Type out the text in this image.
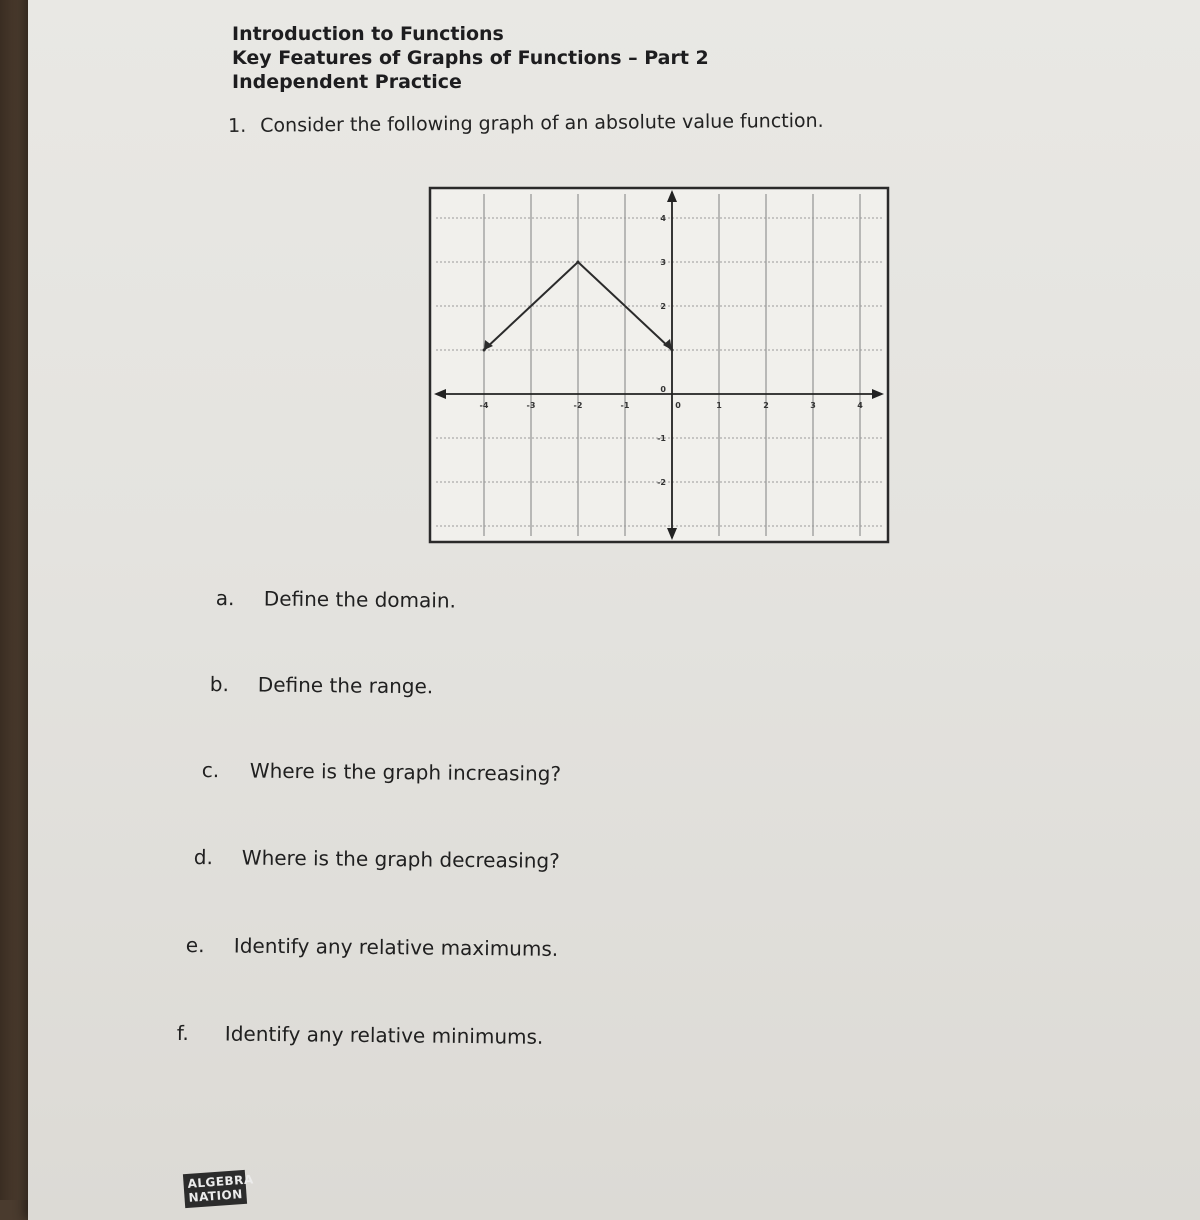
Introduction to Functions
Key Features of Graphs of Functions – Part 2
Independent Practice
1. Consider the following graph of an absolute value function.
-4	-3	-2	-1	0	1	2	3	4
4
3
2
0
-1
-2
a. Define the domain.
b. Define the range.
c. Where is the graph increasing?
d. Where is the graph decreasing?
e. Identify any relative maximums.
f. Identify any relative minimums.
ALGEBRA NATION
